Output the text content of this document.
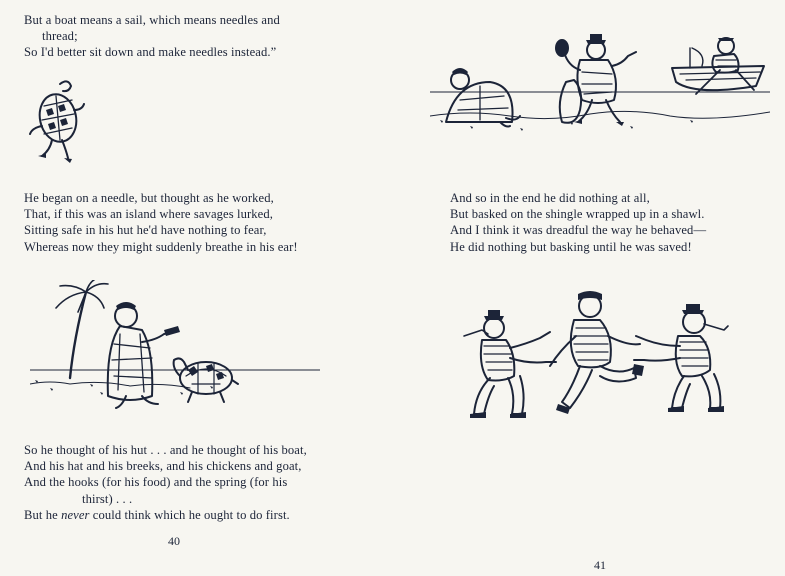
But a boat means a sail, which means needles and
thread;
So I'd better sit down and make needles instead.”

He began on a needle, but thought as he worked,
That, if this was an island where savages lurked,
Sitting safe in his hut he'd have nothing to fear,
Whereas now they might suddenly breathe in his ear!

So he thought of his hut . . . and he thought of his boat,
And his hat and his breeks, and his chickens and goat,
And the hooks (for his food) and the spring (for his
thirst) . . .
But he never could think which he ought to do first.

40

And so in the end he did nothing at all,
But basked on the shingle wrapped up in a shawl.
And I think it was dreadful the way he behaved—
He did nothing but basking until he was saved!

41
